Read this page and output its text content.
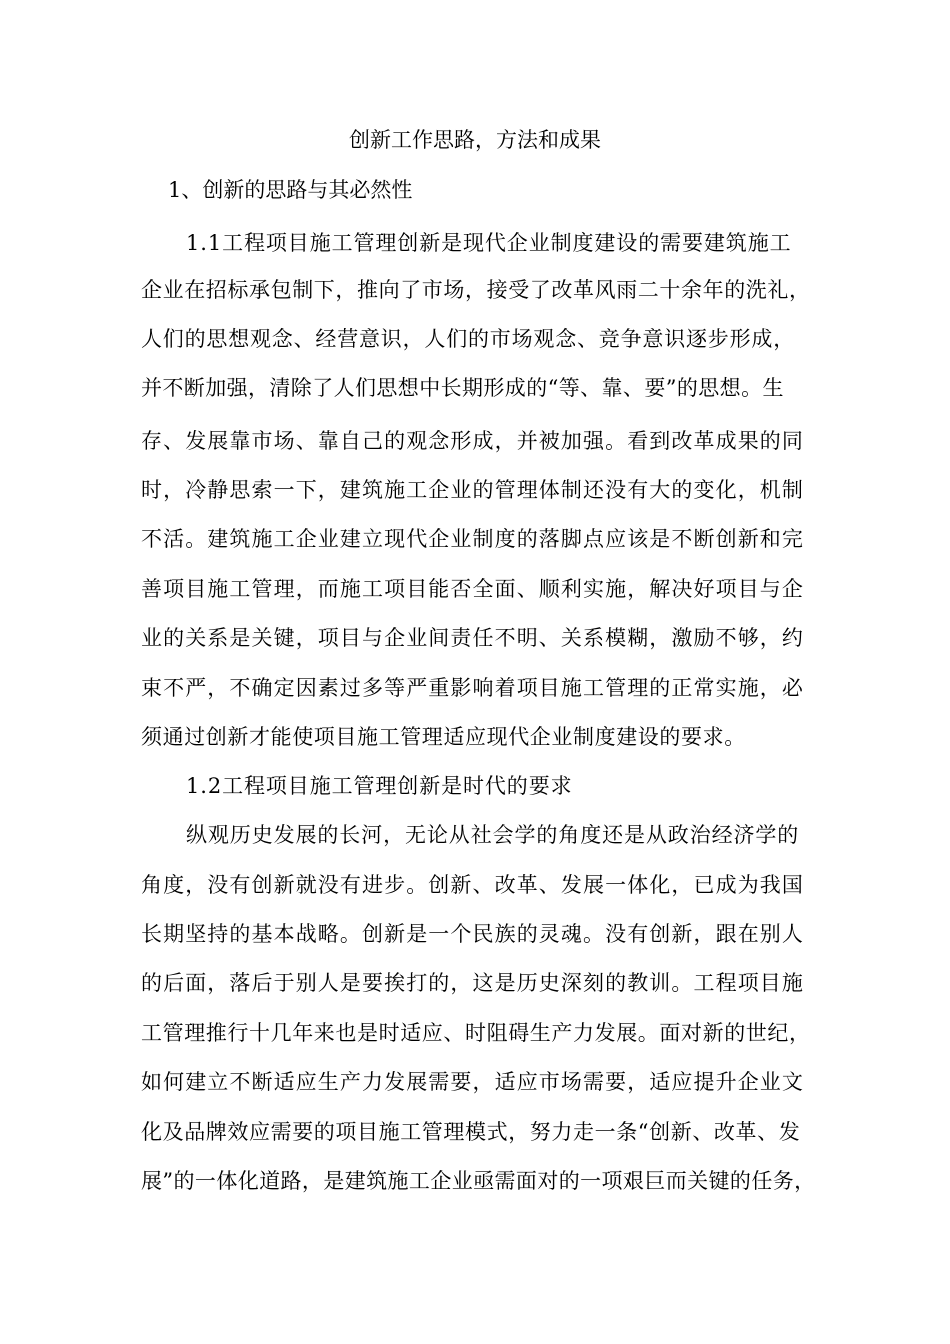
创新工作思路，方法和成果
1、创新的思路与其必然性
1.1工程项目施工管理创新是现代企业制度建设的需要建筑施工
企业在招标承包制下，推向了市场，接受了改革风雨二十余年的洗礼，
人们的思想观念、经营意识，人们的市场观念、竞争意识逐步形成，
并不断加强，清除了人们思想中长期形成的“等、靠、要”的思想。生
存、发展靠市场、靠自己的观念形成，并被加强。看到改革成果的同
时，冷静思索一下，建筑施工企业的管理体制还没有大的变化，机制
不活。建筑施工企业建立现代企业制度的落脚点应该是不断创新和完
善项目施工管理，而施工项目能否全面、顺利实施，解决好项目与企
业的关系是关键，项目与企业间责任不明、关系模糊，激励不够，约
束不严，不确定因素过多等严重影响着项目施工管理的正常实施，必
须通过创新才能使项目施工管理适应现代企业制度建设的要求。
1.2工程项目施工管理创新是时代的要求
纵观历史发展的长河，无论从社会学的角度还是从政治经济学的
角度，没有创新就没有进步。创新、改革、发展一体化，已成为我国
长期坚持的基本战略。创新是一个民族的灵魂。没有创新，跟在别人
的后面，落后于别人是要挨打的，这是历史深刻的教训。工程项目施
工管理推行十几年来也是时适应、时阻碍生产力发展。面对新的世纪，
如何建立不断适应生产力发展需要，适应市场需要，适应提升企业文
化及品牌效应需要的项目施工管理模式，努力走一条“创新、改革、发
展”的一体化道路，是建筑施工企业亟需面对的一项艰巨而关键的任务，
